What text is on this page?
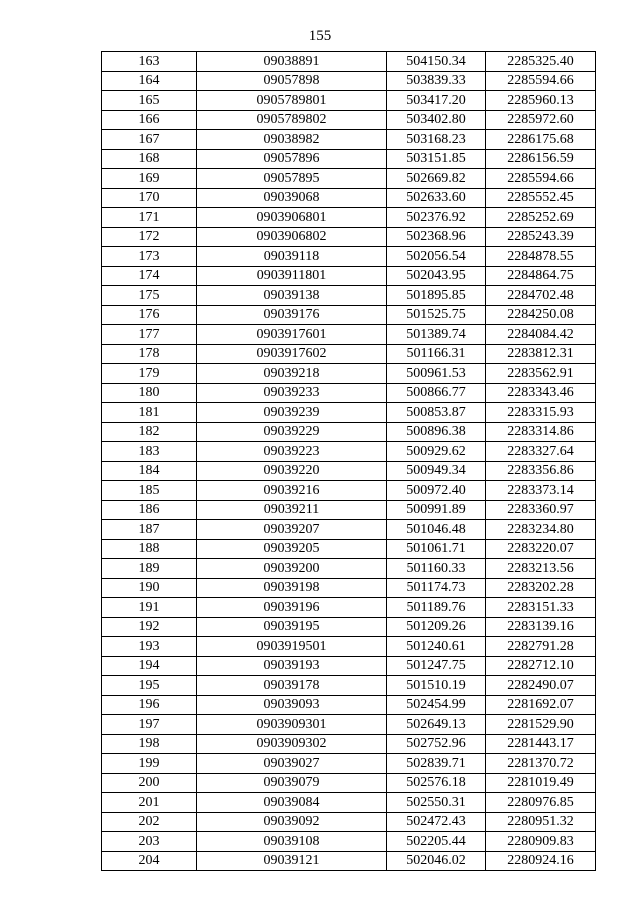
155
163	09038891	504150.34	2285325.40
164	09057898	503839.33	2285594.66
165	0905789801	503417.20	2285960.13
166	0905789802	503402.80	2285972.60
167	09038982	503168.23	2286175.68
168	09057896	503151.85	2286156.59
169	09057895	502669.82	2285594.66
170	09039068	502633.60	2285552.45
171	0903906801	502376.92	2285252.69
172	0903906802	502368.96	2285243.39
173	09039118	502056.54	2284878.55
174	0903911801	502043.95	2284864.75
175	09039138	501895.85	2284702.48
176	09039176	501525.75	2284250.08
177	0903917601	501389.74	2284084.42
178	0903917602	501166.31	2283812.31
179	09039218	500961.53	2283562.91
180	09039233	500866.77	2283343.46
181	09039239	500853.87	2283315.93
182	09039229	500896.38	2283314.86
183	09039223	500929.62	2283327.64
184	09039220	500949.34	2283356.86
185	09039216	500972.40	2283373.14
186	09039211	500991.89	2283360.97
187	09039207	501046.48	2283234.80
188	09039205	501061.71	2283220.07
189	09039200	501160.33	2283213.56
190	09039198	501174.73	2283202.28
191	09039196	501189.76	2283151.33
192	09039195	501209.26	2283139.16
193	0903919501	501240.61	2282791.28
194	09039193	501247.75	2282712.10
195	09039178	501510.19	2282490.07
196	09039093	502454.99	2281692.07
197	0903909301	502649.13	2281529.90
198	0903909302	502752.96	2281443.17
199	09039027	502839.71	2281370.72
200	09039079	502576.18	2281019.49
201	09039084	502550.31	2280976.85
202	09039092	502472.43	2280951.32
203	09039108	502205.44	2280909.83
204	09039121	502046.02	2280924.16
